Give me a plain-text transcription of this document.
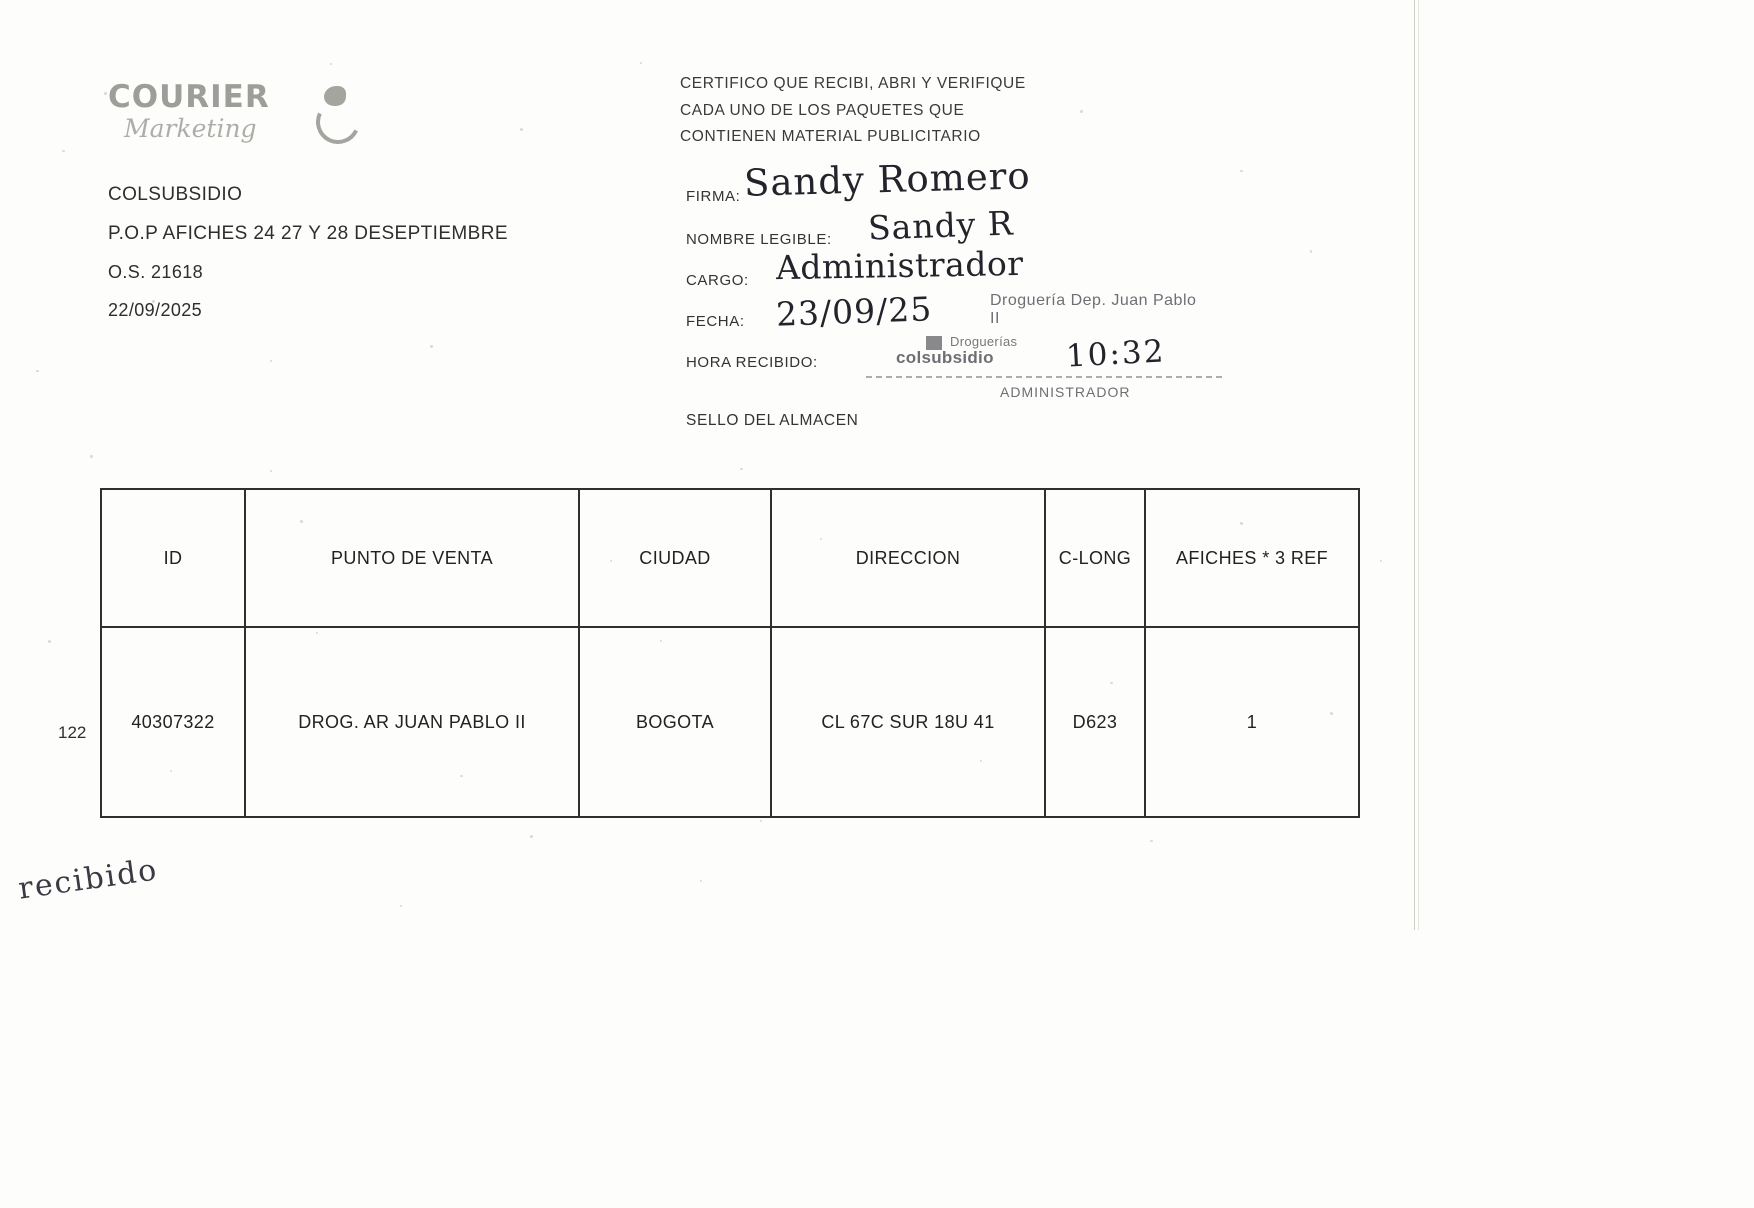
COURIER
Marketing
COLSUBSIDIO
P.O.P AFICHES 24 27 Y 28 DESEPTIEMBRE
O.S. 21618
22/09/2025
CERTIFICO QUE RECIBI, ABRI Y VERIFIQUE
CADA UNO DE LOS PAQUETES QUE
CONTIENEN MATERIAL PUBLICITARIO
FIRMA:
NOMBRE LEGIBLE:
CARGO:
FECHA:
HORA RECIBIDO:
SELLO DEL ALMACEN
Sandy Romero
Sandy R
Administrador
23/09/25
10:32
recibido
Droguería Dep. Juan Pablo II
Droguerías
colsubsidio
ADMINISTRADOR
122
ID	PUNTO DE VENTA	CIUDAD	DIRECCION	C-LONG	AFICHES * 3 REF
40307322	DROG. AR JUAN PABLO II	BOGOTA	CL 67C SUR 18U 41	D623	1
